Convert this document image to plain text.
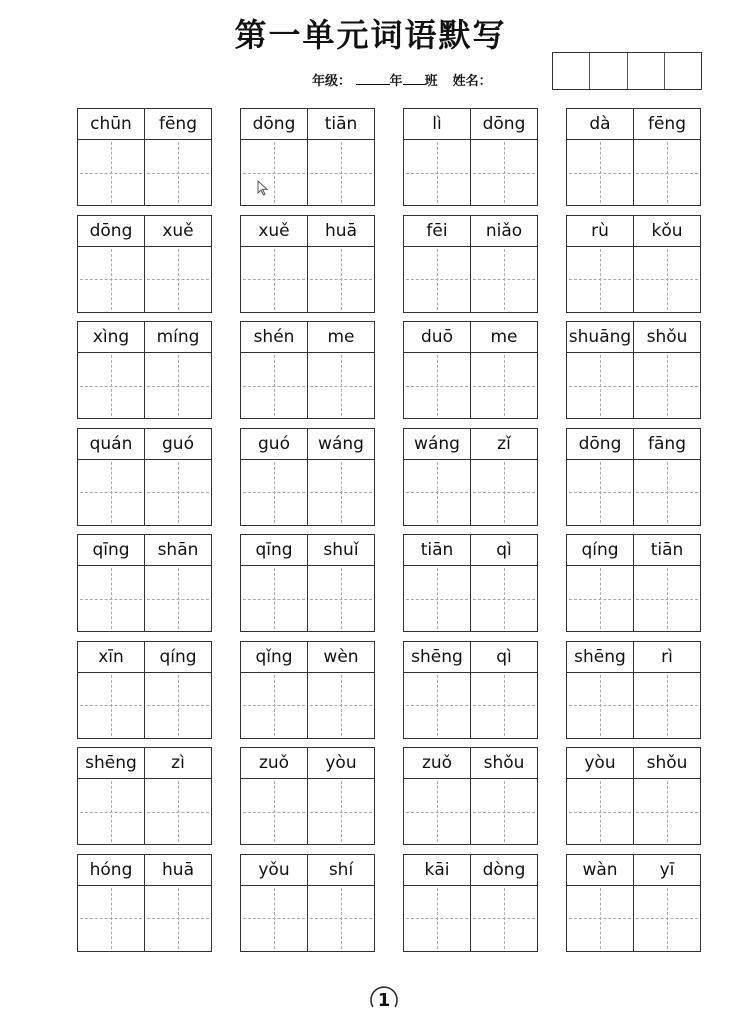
第一单元词语默写
年级：	年 班 姓名：
chūn	fēng	dōng	tiān	lì	dōng	dà	fēng
dōng	xuě	xuě	huā	fēi	niǎo	rù	kǒu
xìng	míng	shén	me	duō	me	shuāng shǒu
quán	guó	guó	wáng	wáng	zǐ	dōng	fāng
qīng	shān	qīng	shuǐ	tiān	qì	qíng	tiān
xīn	qíng	qǐng	wèn	shēng	qì	shēng	rì
shēng	zì	zuǒ	yòu	zuǒ	shǒu	yòu	shǒu
hóng	huā	yǒu	shí	kāi	dòng	wàn	yī
1
